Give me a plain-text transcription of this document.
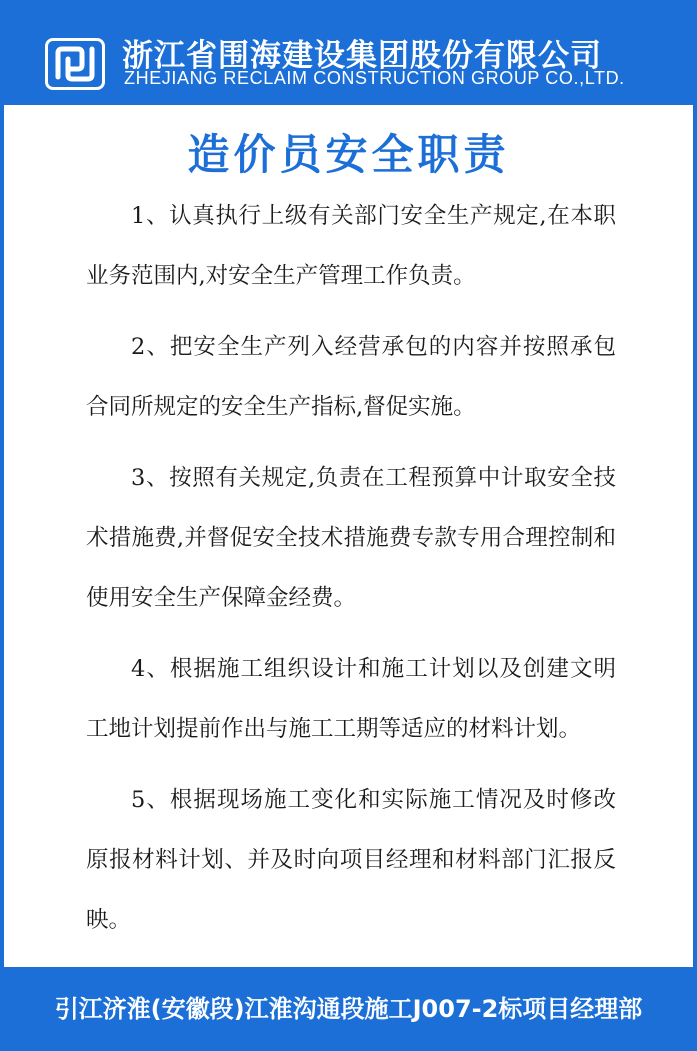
浙江省围海建设集团股份有限公司
ZHEJIANG RECLAIM CONSTRUCTION GROUP CO.,LTD.
造价员安全职责

1、认真执行上级有关部门安全生产规定,在本职业务范围内,对安全生产管理工作负责。

2、把安全生产列入经营承包的内容并按照承包合同所规定的安全生产指标,督促实施。

3、按照有关规定,负责在工程预算中计取安全技术措施费,并督促安全技术措施费专款专用合理控制和使用安全生产保障金经费。

4、根据施工组织设计和施工计划以及创建文明工地计划提前作出与施工工期等适应的材料计划。

5、根据现场施工变化和实际施工情况及时修改原报材料计划、并及时向项目经理和材料部门汇报反映。

引江济淮(安徽段)江淮沟通段施工J007-2标项目经理部
